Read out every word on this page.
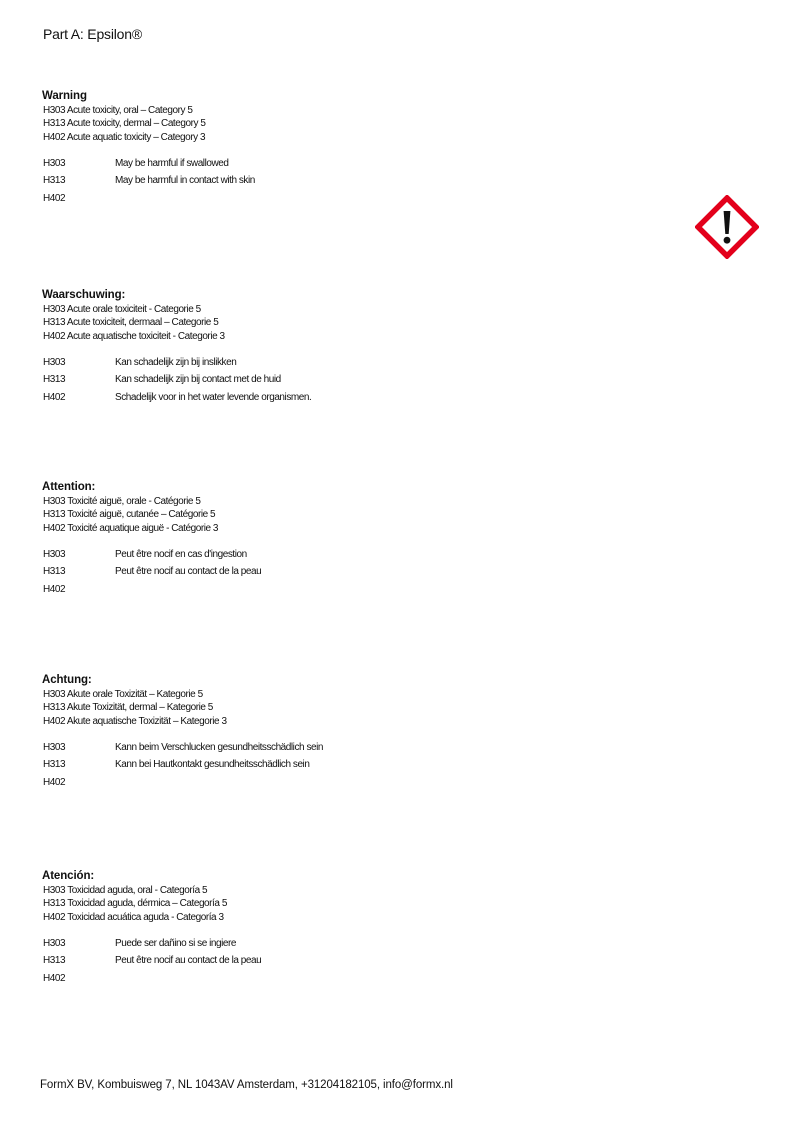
Part A: Epsilon®
Warning
H303 Acute toxicity, oral – Category 5
H313 Acute toxicity, dermal – Category 5
H402 Acute aquatic toxicity – Category 3
H303	May be harmful if swallowed
H313	May be harmful in contact with skin
H402
Waarschuwing:
H303 Acute orale toxiciteit - Categorie 5
H313 Acute toxiciteit, dermaal – Categorie 5
H402 Acute aquatische toxiciteit - Categorie 3
H303	Kan schadelijk zijn bij inslikken
H313	Kan schadelijk zijn bij contact met de huid
H402	Schadelijk voor in het water levende organismen.
Attention:
H303 Toxicité aiguë, orale - Catégorie 5
H313 Toxicité aiguë, cutanée – Catégorie 5
H402 Toxicité aquatique aiguë - Catégorie 3
H303	Peut être nocif en cas d'ingestion
H313	Peut être nocif au contact de la peau
H402
Achtung:
H303 Akute orale Toxizität – Kategorie 5
H313 Akute Toxizität, dermal – Kategorie 5
H402 Akute aquatische Toxizität – Kategorie 3
H303	Kann beim Verschlucken gesundheitsschädlich sein
H313	Kann bei Hautkontakt gesundheitsschädlich sein
H402
Atención:
H303 Toxicidad aguda, oral - Categoría 5
H313 Toxicidad aguda, dérmica – Categoría 5
H402 Toxicidad acuática aguda - Categoría 3
H303	Puede ser dañino si se ingiere
H313	Peut être nocif au contact de la peau
H402
FormX BV, Kombuisweg 7, NL 1043AV Amsterdam, +31204182105, info@formx.nl
